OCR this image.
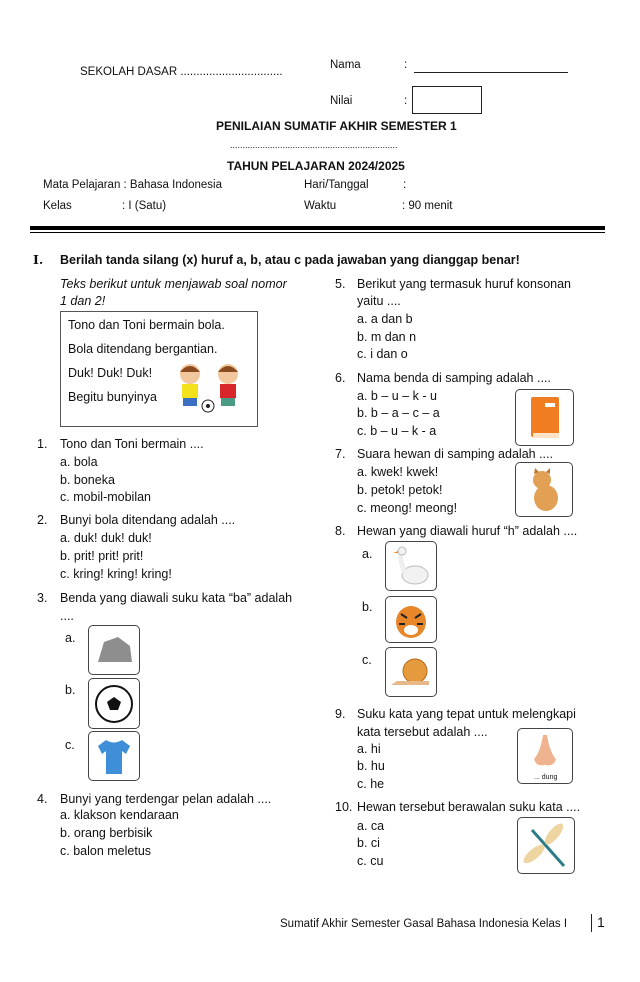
SEKOLAH DASAR ................................
Nama	:
Nilai	:
PENILAIAN SUMATIF AKHIR SEMESTER 1
...................................................................
TAHUN PELAJARAN 2024/2025
Mata Pelajaran : Bahasa Indonesia	Hari/Tanggal	:
Kelas	: I (Satu)	Waktu	: 90 menit
I. Berilah tanda silang (x) huruf a, b, atau c pada jawaban yang dianggap benar!
Teks berikut untuk menjawab soal nomor
1 dan 2!
Tono dan Toni bermain bola.
Bola ditendang bergantian.
Duk! Duk! Duk!
Begitu bunyinya
... dung
Sumatif Akhir Semester Gasal Bahasa Indonesia Kelas I 1
1. Tono dan Toni bermain ....
a. bola
b. boneka
c. mobil-mobilan
2. Bunyi bola ditendang adalah ....
a. duk! duk! duk!
b. prit! prit! prit!
c. kring! kring! kring!
3. Benda yang diawali suku kata “ba” adalah
....
a.
b.
c.
4. Bunyi yang terdengar pelan adalah ....
a. klakson kendaraan
b. orang berbisik
c. balon meletus
5. Berikut yang termasuk huruf konsonan
yaitu ....
a. a dan b
b. m dan n
c. i dan o
6. Nama benda di samping adalah ....
a. b – u – k - u
b. b – a – c – a
c. b – u – k - a
7. Suara hewan di samping adalah ....
a. kwek! kwek!
b. petok! petok!
c. meong! meong!
8. Hewan yang diawali huruf “h” adalah ....
a.
b.
c.
9. Suku kata yang tepat untuk melengkapi
kata tersebut adalah ....
a. hi
b. hu
c. he
10. Hewan tersebut berawalan suku kata ....
a. ca
b. ci
c. cu
